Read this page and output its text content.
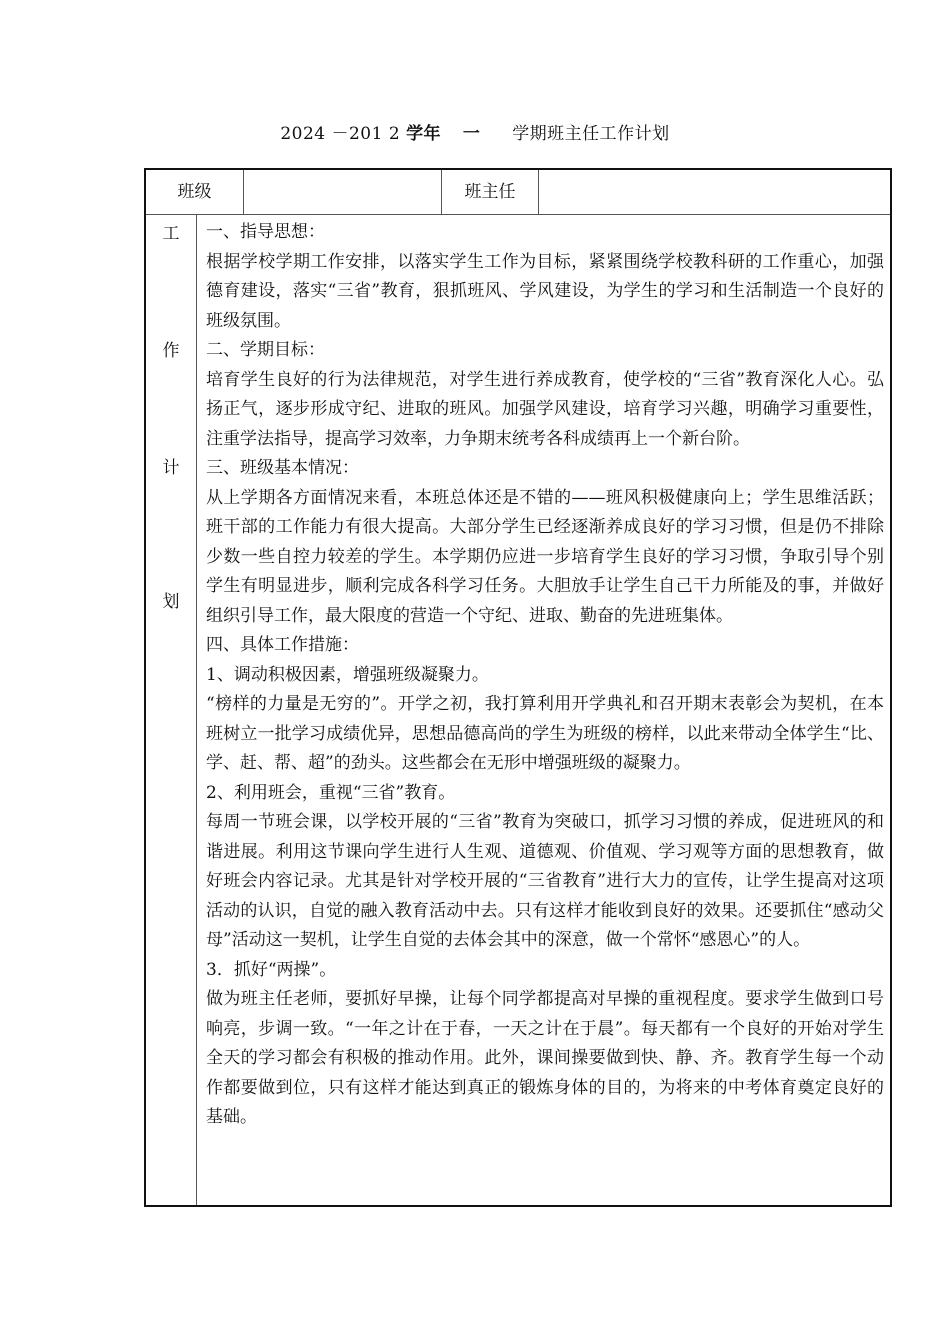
2024 －201 2 学年 一 学期班主任工作计划
班级	班主任
工
作
计
划

一、指导思想：

根据学校学期工作安排，以落实学生工作为目标，紧紧围绕学校教科研的工作重心，加强德育建设，落实“三省”教育，狠抓班风、学风建设，为学生的学习和生活制造一个良好的班级氛围。

二、学期目标：

培育学生良好的行为法律规范，对学生进行养成教育，使学校的“三省”教育深化人心。弘扬正气，逐步形成守纪、进取的班风。加强学风建设，培育学习兴趣，明确学习重要性，注重学法指导，提高学习效率，力争期末统考各科成绩再上一个新台阶。

三、班级基本情况：

从上学期各方面情况来看，本班总体还是不错的——班风积极健康向上；学生思维活跃；班干部的工作能力有很大提高。大部分学生已经逐渐养成良好的学习习惯，但是仍不排除少数一些自控力较差的学生。本学期仍应进一步培育学生良好的学习习惯，争取引导个别学生有明显进步，顺利完成各科学习任务。大胆放手让学生自己干力所能及的事，并做好组织引导工作，最大限度的营造一个守纪、进取、勤奋的先进班集体。

四、具体工作措施：

1、调动积极因素，增强班级凝聚力。

“榜样的力量是无穷的”。开学之初，我打算利用开学典礼和召开期末表彰会为契机，在本班树立一批学习成绩优异，思想品德高尚的学生为班级的榜样，以此来带动全体学生“比、学、赶、帮、超”的劲头。这些都会在无形中增强班级的凝聚力。

2、利用班会，重视“三省”教育。

每周一节班会课，以学校开展的“三省”教育为突破口，抓学习习惯的养成，促进班风的和谐进展。利用这节课向学生进行人生观、道德观、价值观、学习观等方面的思想教育，做好班会内容记录。尤其是针对学校开展的“三省教育”进行大力的宣传，让学生提高对这项活动的认识，自觉的融入教育活动中去。只有这样才能收到良好的效果。还要抓住“感动父母”活动这一契机，让学生自觉的去体会其中的深意，做一个常怀“感恩心”的人。

3．抓好“两操”。

做为班主任老师，要抓好早操，让每个同学都提高对早操的重视程度。要求学生做到口号响亮，步调一致。“一年之计在于春，一天之计在于晨”。每天都有一个良好的开始对学生全天的学习都会有积极的推动作用。此外，课间操要做到快、静、齐。教育学生每一个动作都要做到位，只有这样才能达到真正的锻炼身体的目的，为将来的中考体育奠定良好的基础。
